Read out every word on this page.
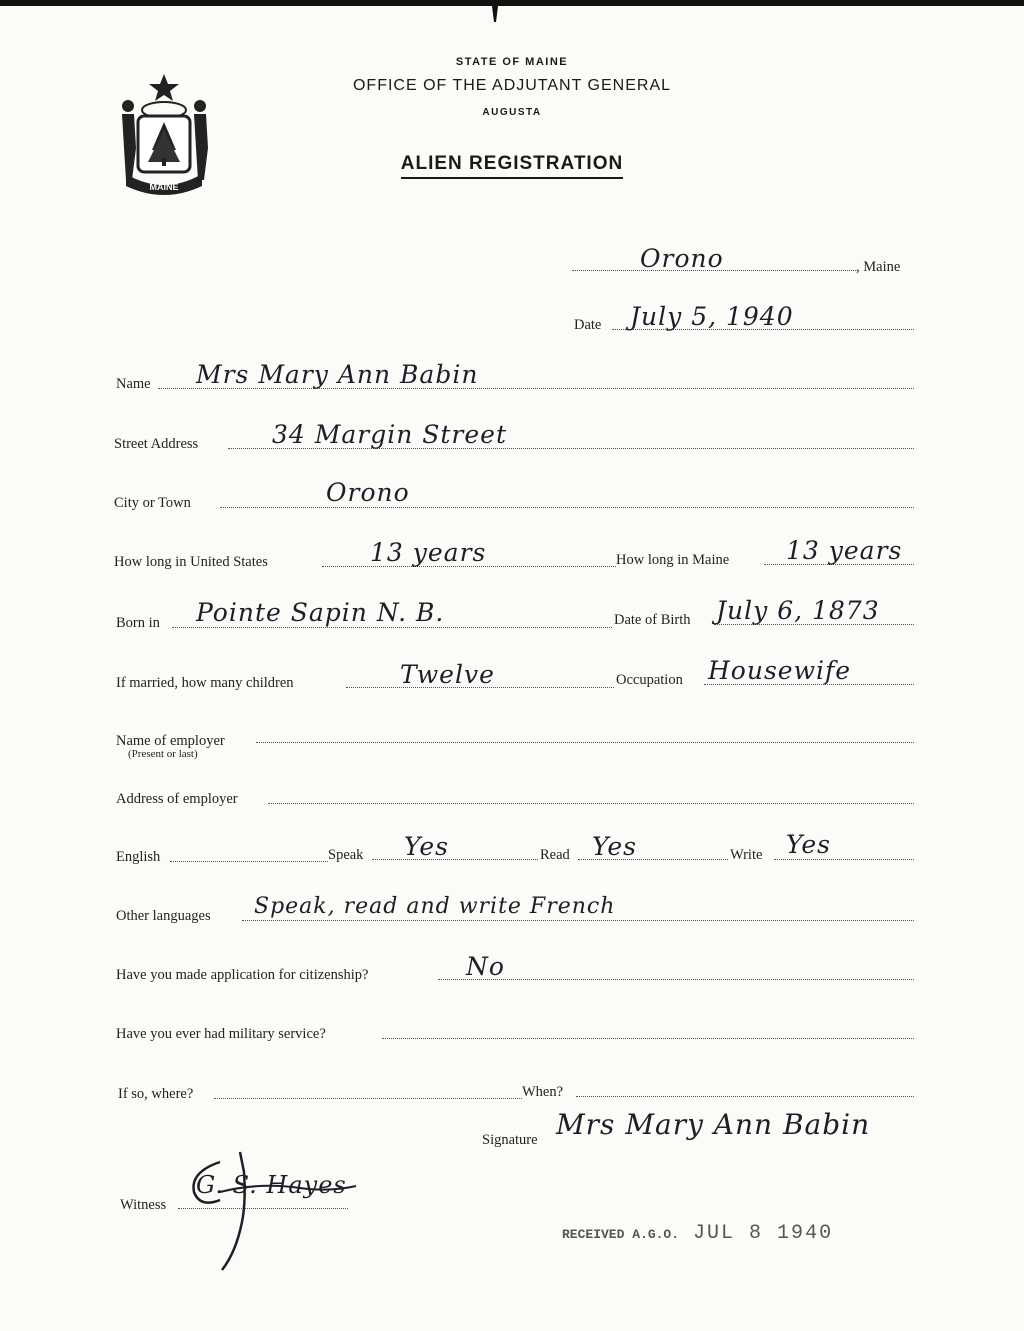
MAINE
STATE OF MAINE
OFFICE OF THE ADJUTANT GENERAL
AUGUSTA
ALIEN REGISTRATION
Orono	, Maine
Date July 5, 1940
Name Mrs Mary Ann Babin
Street Address	34 Margin Street
City or Town	Orono
How long in United States	13 years	How long in Maine 13 years
Born in Pointe Sapin N. B.	Date of Birth July 6, 1873
If married, how many children	Twelve	Occupation Housewife
Name of employer
(Present or last)
Address of employer
English	Speak Yes	Read Yes	Write Yes
Other languages Speak, read and write French
Have you made application for citizenship?	No
Have you ever had military service?
If so, where?	When?
Signature Mrs Mary Ann Babin
Witness
G. S. Hayes
RECEIVED A.G.O. JUL 8 1940
